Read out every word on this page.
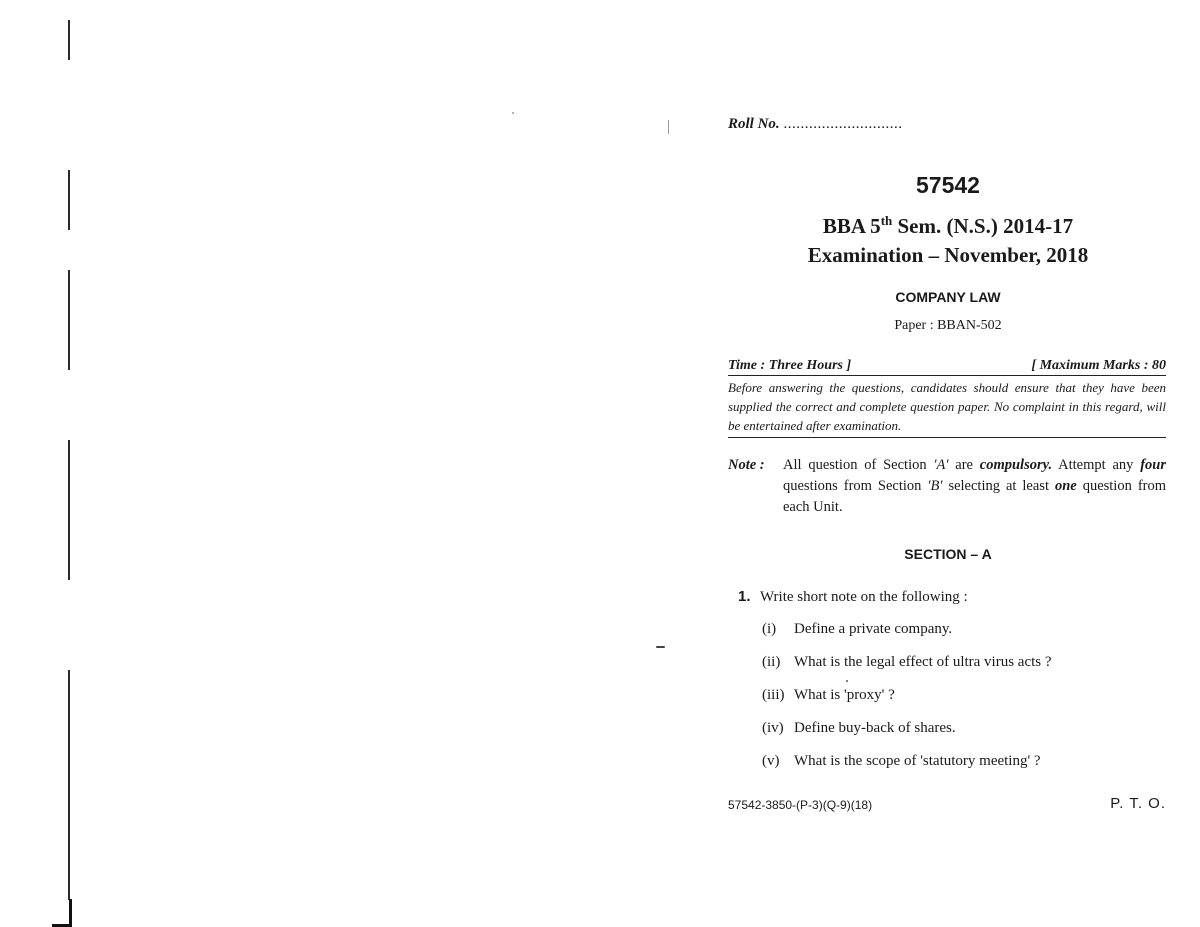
Roll No. ............................
57542
BBA 5th Sem. (N.S.) 2014-17
Examination – November, 2018
COMPANY LAW
Paper : BBAN-502
Time : Three Hours ]	[ Maximum Marks : 80
Before answering the questions, candidates should ensure that they have been supplied the correct and complete question paper. No complaint in this regard, will be entertained after examination.
Note : All question of Section 'A' are compulsory. Attempt any four questions from Section 'B' selecting at least one question from each Unit.
SECTION – A
1. Write short note on the following :
(i)	Define a private company.
(ii) What is the legal effect of ultra virus acts ?
(iii) What is 'proxy' ?
(iv) Define buy-back of shares.
(v) What is the scope of 'statutory meeting' ?
57542-3850-(P-3)(Q-9)(18)	P. T. O.
